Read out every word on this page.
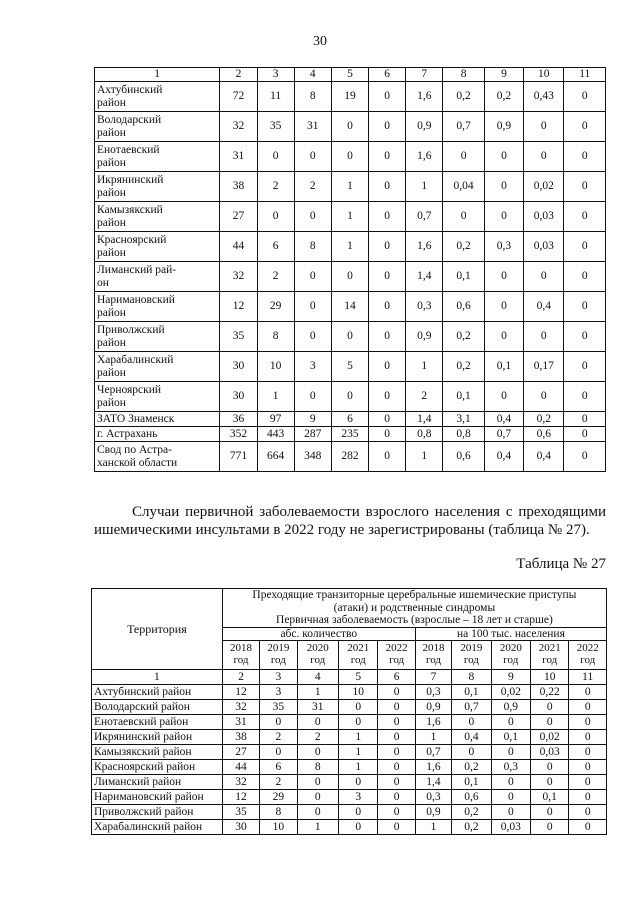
30
1	2	3	4	5	6	7	8	9	10	11

Ахтубинский
район	72	11	8	19	0	1,6	0,2	0,2	0,43	0

Володарский
район	32	35	31	0	0	0,9	0,7	0,9	0	0

Енотаевский
район	31	0	0	0	0	1,6	0	0	0	0

Икрянинский
район	38	2	2	1	0	1	0,04	0	0,02	0

Камызякский
район	27	0	0	1	0	0,7	0	0	0,03	0

Красноярский
район	44	6	8	1	0	1,6	0,2	0,3	0,03	0

Лиманский рай-
он	32	2	0	0	0	1,4	0,1	0	0	0

Наримановский
район	12	29	0	14	0	0,3	0,6	0	0,4	0

Приволжский
район	35	8	0	0	0	0,9	0,2	0	0	0

Харабалинский
район	30	10	3	5	0	1	0,2	0,1	0,17	0

Черноярский
район	30	1	0	0	0	2	0,1	0	0	0

ЗАТО Знаменск	36	97	9	6	0	1,4	3,1	0,4	0,2	0

г. Астрахань	352	443	287	235	0	0,8	0,8	0,7	0,6	0

Свод по Астра-
ханской области	771	664	348	282	0	1	0,6	0,4	0,4	0

Случаи первичной заболеваемости взрослого населения с преходящими
ишемическими инсультами в 2022 году не зарегистрированы (таблица № 27).

Таблица № 27
Территория	Преходящие транзиторные церебральные ишемические приступы
(атаки) и родственные синдромы
Первичная заболеваемость (взрослые – 18 лет и старше)									

	абс. количество					на 100 тыс. населения				
	2018 год	2019 год	2020 год	2021 год	2022 год	2018 год	2019 год	2020 год	2021 год	2022 год
1	2	3	4	5	6	7	8	9	10	11
Ахтубинский район	12	3	1	10	0	0,3	0,1	0,02	0,22	0
Володарский район	32	35	31	0	0	0,9	0,7	0,9	0	0
Енотаевский район	31	0	0	0	0	1,6	0	0	0	0
Икрянинский район	38	2	2	1	0	1	0,4	0,1	0,02	0
Камызякский район	27	0	0	1	0	0,7	0	0	0,03	0
Красноярский район	44	6	8	1	0	1,6	0,2	0,3	0	0
Лиманский район	32	2	0	0	0	1,4	0,1	0	0	0
Наримановский район	12	29	0	3	0	0,3	0,6	0	0,1	0
Приволжский район	35	8	0	0	0	0,9	0,2	0	0	0
Харабалинский район	30	10	1	0	0	1	0,2	0,03	0	0
